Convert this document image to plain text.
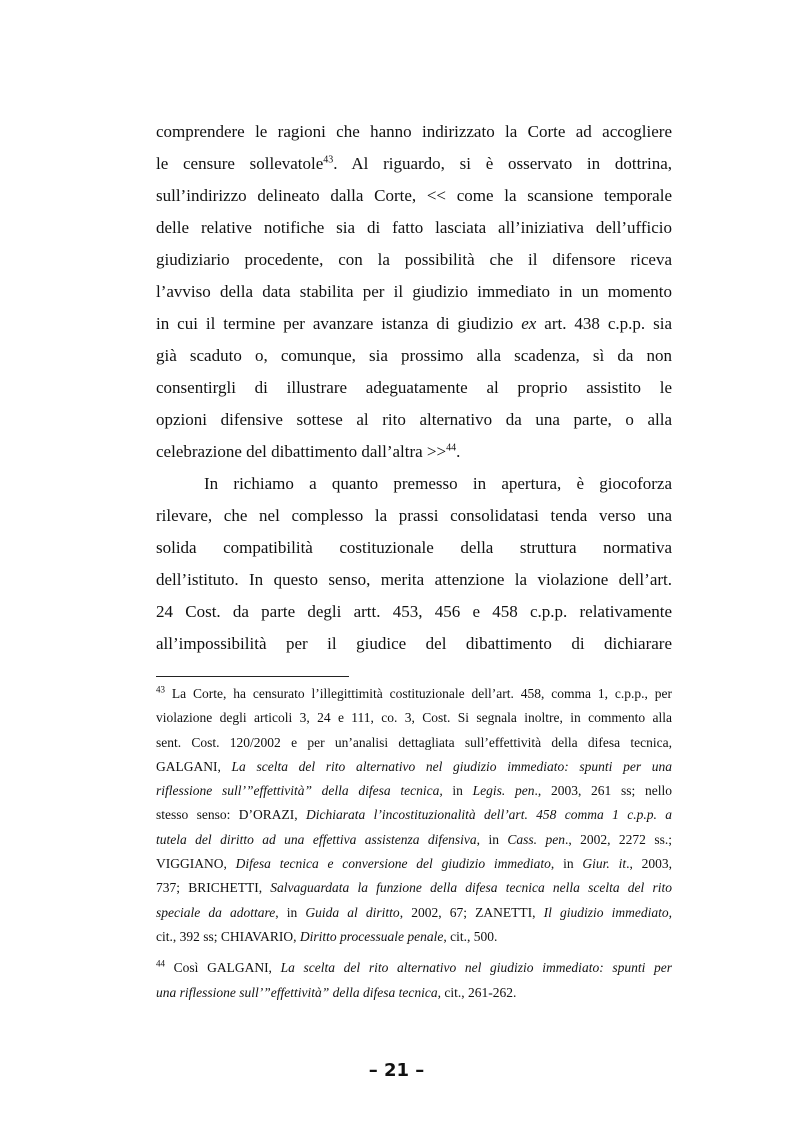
comprendere le ragioni che hanno indirizzato la Corte ad accogliere
le censure sollevatole$^{43}$. Al riguardo, si è osservato in dottrina,
sull’indirizzo delineato dalla Corte, << come la scansione temporale
delle relative notifiche sia di fatto lasciata all’iniziativa dell’ufficio
giudiziario procedente, con la possibilità che il difensore riceva
l’avviso della data stabilita per il giudizio immediato in un momento
in cui il termine per avanzare istanza di giudizio ex art. 438 c.p.p. sia
già scaduto o, comunque, sia prossimo alla scadenza, sì da non
consentirgli di illustrare adeguatamente al proprio assistito le
opzioni difensive sottese al rito alternativo da una parte, o alla
celebrazione del dibattimento dall’altra >>$^{44}$.
In richiamo a quanto premesso in apertura, è giocoforza
rilevare, che nel complesso la prassi consolidatasi tenda verso una
solida compatibilità costituzionale della struttura normativa
dell’istituto. In questo senso, merita attenzione la violazione dell’art.
24 Cost. da parte degli artt. 453, 456 e 458 c.p.p. relativamente
all’impossibilità per il giudice del dibattimento di dichiarare
$^{43}$ La Corte, ha censurato l’illegittimità costituzionale dell’art. 458, comma 1, c.p.p., per
violazione degli articoli 3, 24 e 111, co. 3, Cost. Si segnala inoltre, in commento alla
sent. Cost. 120/2002 e per un’analisi dettagliata sull’effettività della difesa tecnica,
GALGANI, La scelta del rito alternativo nel giudizio immediato: spunti per una
riflessione sull’”effettività” della difesa tecnica, in Legis. pen., 2003, 261 ss; nello
stesso senso: D’ORAZI, Dichiarata l’incostituzionalità dell’art. 458 comma 1 c.p.p. a
tutela del diritto ad una effettiva assistenza difensiva, in Cass. pen., 2002, 2272 ss.;
VIGGIANO, Difesa tecnica e conversione del giudizio immediato, in Giur. it., 2003,
737; BRICHETTI, Salvaguardata la funzione della difesa tecnica nella scelta del rito
speciale da adottare, in Guida al diritto, 2002, 67; ZANETTI, Il giudizio immediato,
cit., 392 ss; CHIAVARIO, Diritto processuale penale, cit., 500.
$^{44}$ Così GALGANI, La scelta del rito alternativo nel giudizio immediato: spunti per
una riflessione sull’”effettività” della difesa tecnica, cit., 261-262.
– 21 –
